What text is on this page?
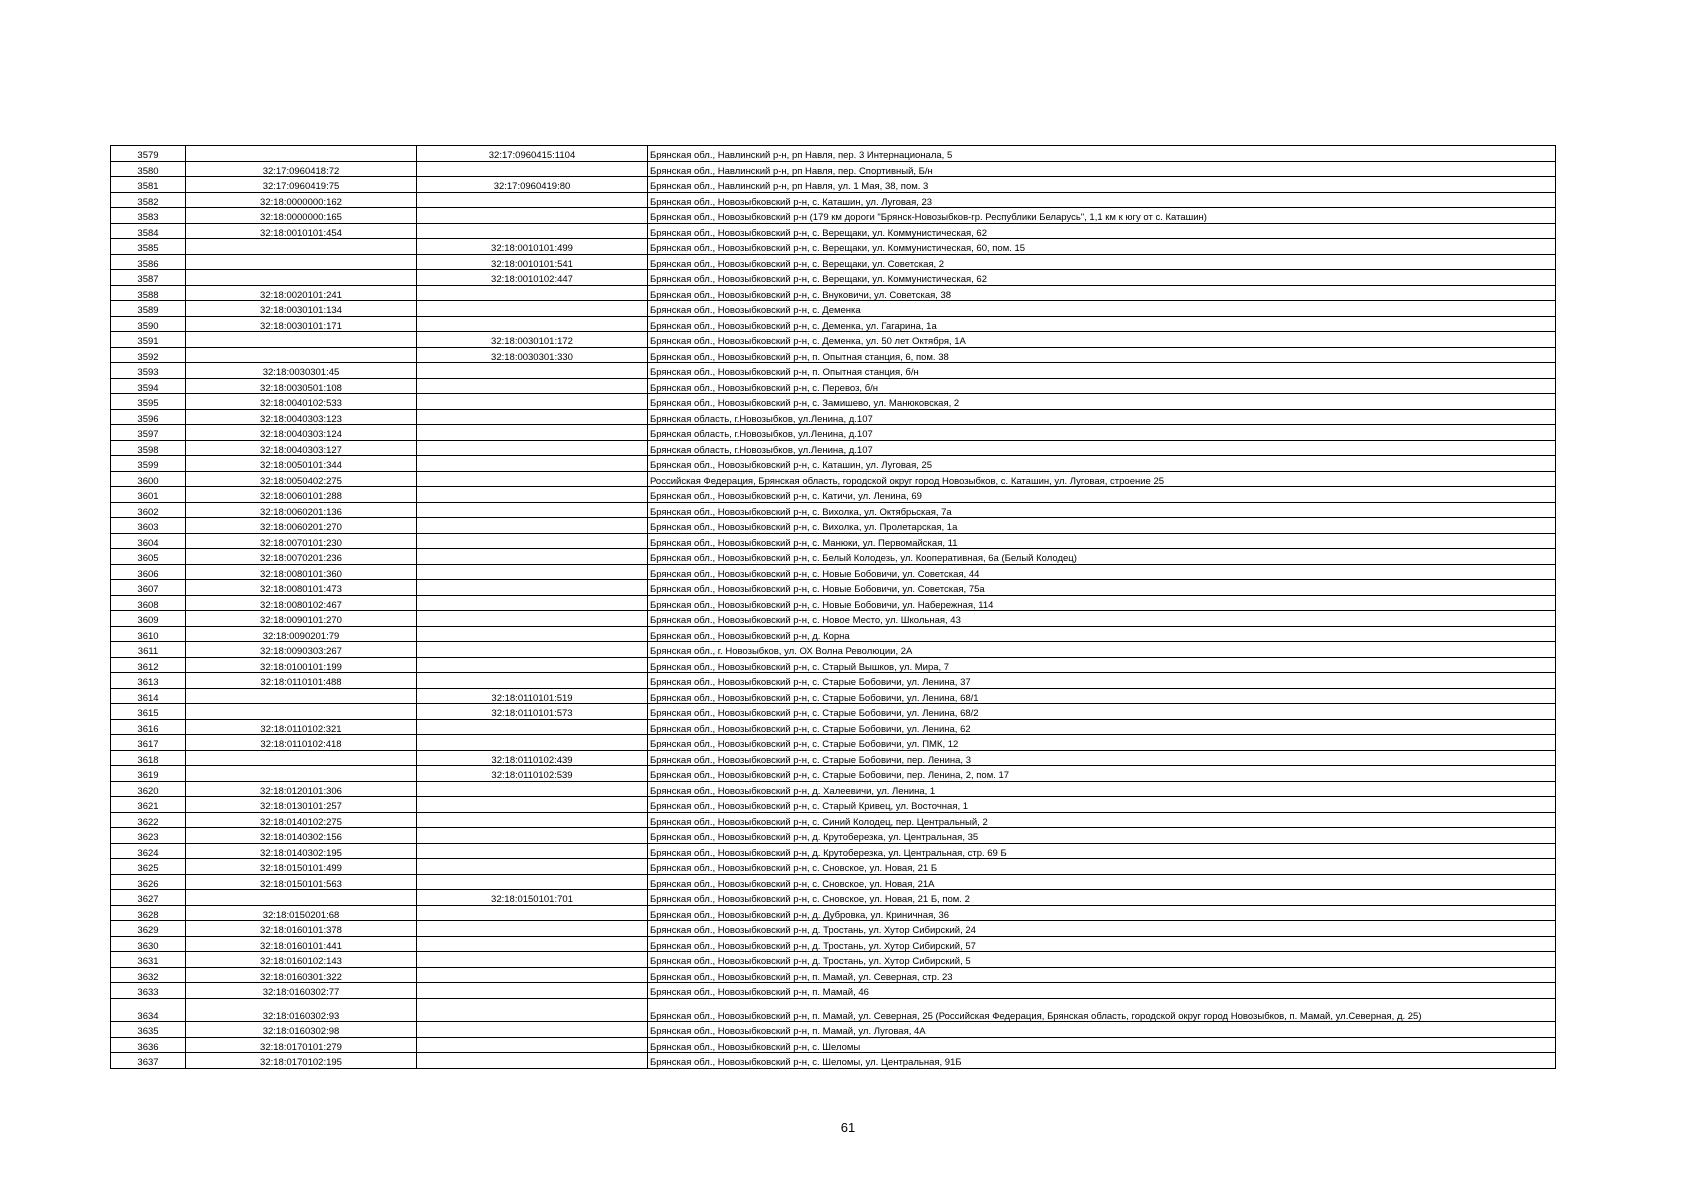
3579		32:17:0960415:1104	Брянская обл., Навлинский р-н, рп Навля, пер. 3 Интернационала, 5
3580	32:17:0960418:72		Брянская обл., Навлинский р-н, рп Навля, пер. Спортивный, Б/н
3581	32:17:0960419:75	32:17:0960419:80	Брянская обл., Навлинский р-н, рп Навля, ул. 1 Мая, 38, пом. 3
3582	32:18:0000000:162		Брянская обл., Новозыбковский р-н, с. Каташин, ул. Луговая, 23
3583	32:18:0000000:165		Брянская обл., Новозыбковский р-н (179 км дороги "Брянск-Новозыбков-гр. Республики Беларусь", 1,1 км к югу от с. Каташин)
3584	32:18:0010101:454		Брянская обл., Новозыбковский р-н, с. Верещаки, ул. Коммунистическая, 62
3585		32:18:0010101:499	Брянская обл., Новозыбковский р-н, с. Верещаки, ул. Коммунистическая, 60, пом. 15
3586		32:18:0010101:541	Брянская обл., Новозыбковский р-н, с. Верещаки, ул. Советская, 2
3587		32:18:0010102:447	Брянская обл., Новозыбковский р-н, с. Верещаки, ул. Коммунистическая, 62
3588	32:18:0020101:241		Брянская обл., Новозыбковский р-н, с. Внуковичи, ул. Советская, 38
3589	32:18:0030101:134		Брянская обл., Новозыбковский р-н, с. Деменка
3590	32:18:0030101:171		Брянская обл., Новозыбковский р-н, с. Деменка, ул. Гагарина, 1а
3591		32:18:0030101:172	Брянская обл., Новозыбковский р-н, с. Деменка, ул. 50 лет Октября, 1А
3592		32:18:0030301:330	Брянская обл., Новозыбковский р-н, п. Опытная станция, 6, пом. 38
3593	32:18:0030301:45		Брянская обл., Новозыбковский р-н, п. Опытная станция, б/н
3594	32:18:0030501:108		Брянская обл., Новозыбковский р-н, с. Перевоз, б/н
3595	32:18:0040102:533		Брянская обл., Новозыбковский р-н, с. Замишево, ул. Манюковская, 2
3596	32:18:0040303:123		Брянская область, г.Новозыбков, ул.Ленина, д.107
3597	32:18:0040303:124		Брянская область, г.Новозыбков, ул.Ленина, д.107
3598	32:18:0040303:127		Брянская область, г.Новозыбков, ул.Ленина, д.107
3599	32:18:0050101:344		Брянская обл., Новозыбковский р-н, с. Каташин, ул. Луговая, 25
3600	32:18:0050402:275		Российская Федерация, Брянская область, городской округ город Новозыбков, с. Каташин, ул. Луговая, строение 25
3601	32:18:0060101:288		Брянская обл., Новозыбковский р-н, с. Катичи, ул. Ленина, 69
3602	32:18:0060201:136		Брянская обл., Новозыбковский р-н, с. Вихолка, ул. Октябрьская, 7а
3603	32:18:0060201:270		Брянская обл., Новозыбковский р-н, с. Вихолка, ул. Пролетарская, 1а
3604	32:18:0070101:230		Брянская обл., Новозыбковский р-н, с. Манюки, ул. Первомайская, 11
3605	32:18:0070201:236		Брянская обл., Новозыбковский р-н, с. Белый Колодезь, ул. Кооперативная, 6а (Белый Колодец)
3606	32:18:0080101:360		Брянская обл., Новозыбковский р-н, с. Новые Бобовичи, ул. Советская, 44
3607	32:18:0080101:473		Брянская обл., Новозыбковский р-н, с. Новые Бобовичи, ул. Советская, 75а
3608	32:18:0080102:467		Брянская обл., Новозыбковский р-н, с. Новые Бобовичи, ул. Набережная, 114
3609	32:18:0090101:270		Брянская обл., Новозыбковский р-н, с. Новое Место, ул. Школьная, 43
3610	32:18:0090201:79		Брянская обл., Новозыбковский р-н, д. Корна
3611	32:18:0090303:267		Брянская обл., г. Новозыбков, ул. ОХ Волна Революции, 2А
3612	32:18:0100101:199		Брянская обл., Новозыбковский р-н, с. Старый Вышков, ул. Мира, 7
3613	32:18:0110101:488		Брянская обл., Новозыбковский р-н, с. Старые Бобовичи, ул. Ленина, 37
3614		32:18:0110101:519	Брянская обл., Новозыбковский р-н, с. Старые Бобовичи, ул. Ленина, 68/1
3615		32:18:0110101:573	Брянская обл., Новозыбковский р-н, с. Старые Бобовичи, ул. Ленина, 68/2
3616	32:18:0110102:321		Брянская обл., Новозыбковский р-н, с. Старые Бобовичи, ул. Ленина, 62
3617	32:18:0110102:418		Брянская обл., Новозыбковский р-н, с. Старые Бобовичи, ул. ПМК, 12
3618		32:18:0110102:439	Брянская обл., Новозыбковский р-н, с. Старые Бобовичи, пер. Ленина, 3
3619		32:18:0110102:539	Брянская обл., Новозыбковский р-н, с. Старые Бобовичи, пер. Ленина, 2, пом. 17
3620	32:18:0120101:306		Брянская обл., Новозыбковский р-н, д. Халеевичи, ул. Ленина, 1
3621	32:18:0130101:257		Брянская обл., Новозыбковский р-н, с. Старый Кривец, ул. Восточная, 1
3622	32:18:0140102:275		Брянская обл., Новозыбковский р-н, с. Синий Колодец, пер. Центральный, 2
3623	32:18:0140302:156		Брянская обл., Новозыбковский р-н, д. Крутоберезка, ул. Центральная, 35
3624	32:18:0140302:195		Брянская обл., Новозыбковский р-н, д. Крутоберезка, ул. Центральная, стр. 69 Б
3625	32:18:0150101:499		Брянская обл., Новозыбковский р-н, с. Сновское, ул. Новая, 21 Б
3626	32:18:0150101:563		Брянская обл., Новозыбковский р-н, с. Сновское, ул. Новая, 21А
3627		32:18:0150101:701	Брянская обл., Новозыбковский р-н, с. Сновское, ул. Новая, 21 Б, пом. 2
3628	32:18:0150201:68		Брянская обл., Новозыбковский р-н, д. Дубровка, ул. Криничная, 36
3629	32:18:0160101:378		Брянская обл., Новозыбковский р-н, д. Тростань, ул. Хутор Сибирский, 24
3630	32:18:0160101:441		Брянская обл., Новозыбковский р-н, д. Тростань, ул. Хутор Сибирский, 57
3631	32:18:0160102:143		Брянская обл., Новозыбковский р-н, д. Тростань, ул. Хутор Сибирский, 5
3632	32:18:0160301:322		Брянская обл., Новозыбковский р-н, п. Мамай, ул. Северная, стр. 23
3633	32:18:0160302:77		Брянская обл., Новозыбковский р-н, п. Мамай, 46
3634	32:18:0160302:93		Брянская обл., Новозыбковский р-н, п. Мамай, ул. Северная, 25 (Российская Федерация, Брянская область, городской округ город Новозыбков, п. Мамай, ул.Северная, д. 25)
3635	32:18:0160302:98		Брянская обл., Новозыбковский р-н, п. Мамай, ул. Луговая, 4А
3636	32:18:0170101:279		Брянская обл., Новозыбковский р-н, с. Шеломы
3637	32:18:0170102:195		Брянская обл., Новозыбковский р-н, с. Шеломы, ул. Центральная, 91Б
61
